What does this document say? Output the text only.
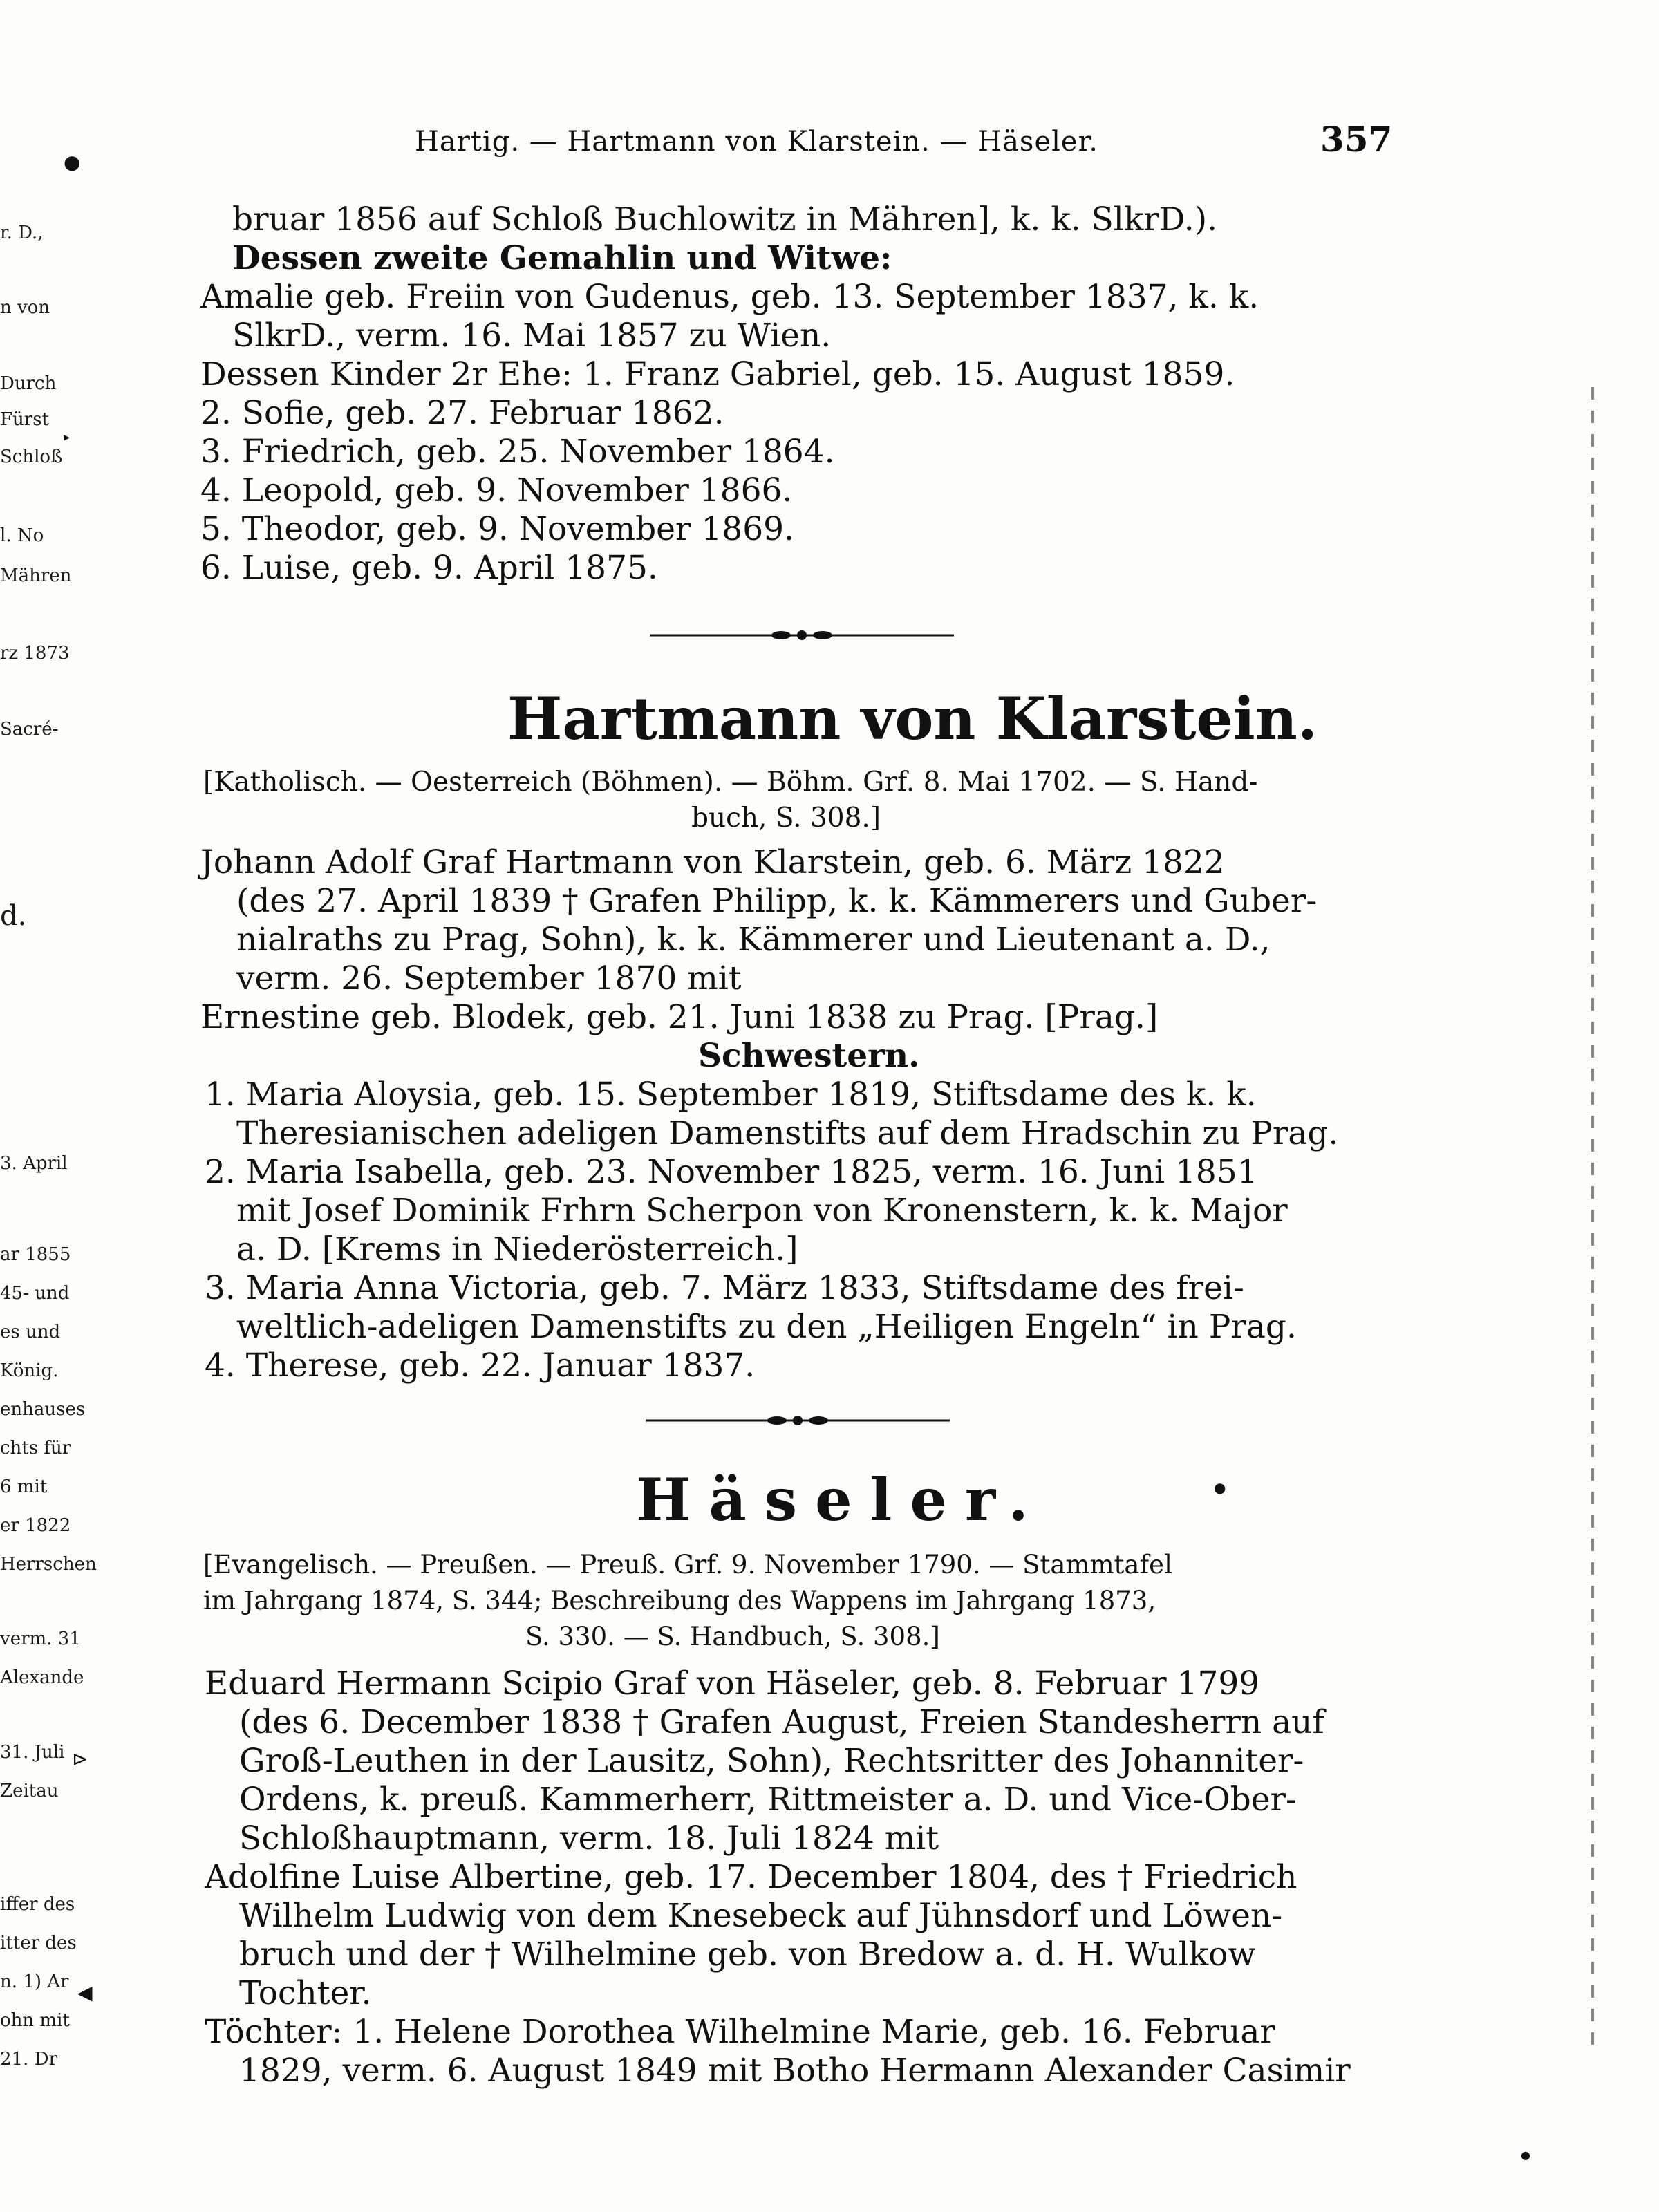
r. D.,
n von
Durch
Fürst
Schloß
l. No
Mähren
rz 1873
Sacré-
d.
3. April
ar 1855
45- und
es und
König.
enhauses
chts für
6 mit
er 1822
Herrschen
verm. 31
Alexande
31. Juli
Zeitau
iffer des
itter des
n. 1) Ar
ohn mit
21. Dr
●
▸
⊳
◀
●
●
Hartig. — Hartmann von Klarstein. — Häseler.	357
bruar 1856 auf Schloß Buchlowitz in Mähren], k. k. SlkrD.).
Dessen zweite Gemahlin und Witwe:
Amalie geb. Freiin von Gudenus, geb. 13. September 1837, k. k.
SlkrD., verm. 16. Mai 1857 zu Wien.
Dessen Kinder 2r Ehe: 1. Franz Gabriel, geb. 15. August 1859.
2. Sofie, geb. 27. Februar 1862.
3. Friedrich, geb. 25. November 1864.
4. Leopold, geb. 9. November 1866.
5. Theodor, geb. 9. November 1869.
6. Luise, geb. 9. April 1875.
Hartmann von Klarstein.
[Katholisch. — Oesterreich (Böhmen). — Böhm. Grf. 8. Mai 1702. — S. Hand-
buch, S. 308.]
Johann Adolf Graf Hartmann von Klarstein, geb. 6. März 1822
(des 27. April 1839 † Grafen Philipp, k. k. Kämmerers und Guber-
nialraths zu Prag, Sohn), k. k. Kämmerer und Lieutenant a. D.,
verm. 26. September 1870 mit
Ernestine geb. Blodek, geb. 21. Juni 1838 zu Prag. [Prag.]
Schwestern.
1. Maria Aloysia, geb. 15. September 1819, Stiftsdame des k. k.
Theresianischen adeligen Damenstifts auf dem Hradschin zu Prag.
2. Maria Isabella, geb. 23. November 1825, verm. 16. Juni 1851
mit Josef Dominik Frhrn Scherpon von Kronenstern, k. k. Major
a. D. [Krems in Niederösterreich.]
3. Maria Anna Victoria, geb. 7. März 1833, Stiftsdame des frei-
weltlich-adeligen Damenstifts zu den „Heiligen Engeln“ in Prag.
4. Therese, geb. 22. Januar 1837.
Häseler.
[Evangelisch. — Preußen. — Preuß. Grf. 9. November 1790. — Stammtafel
im Jahrgang 1874, S. 344; Beschreibung des Wappens im Jahrgang 1873,
S. 330. — S. Handbuch, S. 308.]
Eduard Hermann Scipio Graf von Häseler, geb. 8. Februar 1799
(des 6. December 1838 † Grafen August, Freien Standesherrn auf
Groß-Leuthen in der Lausitz, Sohn), Rechtsritter des Johanniter-
Ordens, k. preuß. Kammerherr, Rittmeister a. D. und Vice-Ober-
Schloßhauptmann, verm. 18. Juli 1824 mit
Adolfine Luise Albertine, geb. 17. December 1804, des † Friedrich
Wilhelm Ludwig von dem Knesebeck auf Jühnsdorf und Löwen-
bruch und der † Wilhelmine geb. von Bredow a. d. H. Wulkow
Tochter.
Töchter: 1. Helene Dorothea Wilhelmine Marie, geb. 16. Februar
1829, verm. 6. August 1849 mit Botho Hermann Alexander Casimir
